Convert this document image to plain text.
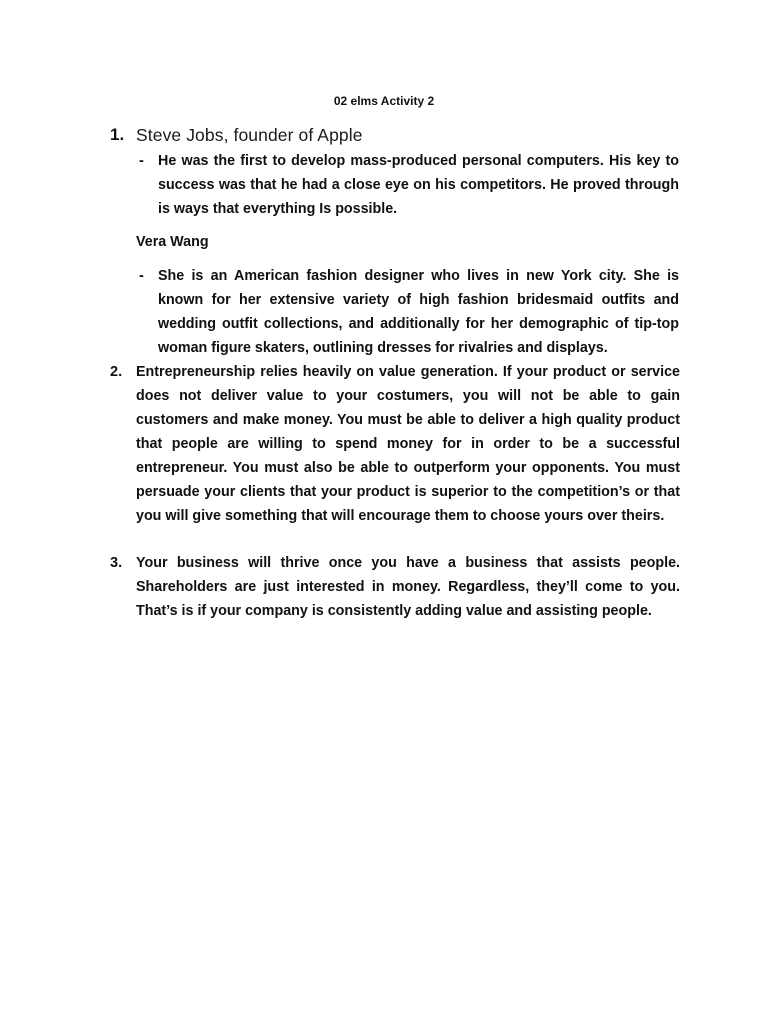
02 elms Activity 2
1. Steve Jobs, founder of Apple
- He was the first to develop mass-produced personal computers. His key to success was that he had a close eye on his competitors. He proved through is ways that everything Is possible.
Vera Wang
- She is an American fashion designer who lives in new York city. She is known for her extensive variety of high fashion bridesmaid outfits and wedding outfit collections, and additionally for her demographic of tip-top woman figure skaters, outlining dresses for rivalries and displays.
2. Entrepreneurship relies heavily on value generation. If your product or service does not deliver value to your costumers, you will not be able to gain customers and make money. You must be able to deliver a high quality product that people are willing to spend money for in order to be a successful entrepreneur. You must also be able to outperform your opponents. You must persuade your clients that your product is superior to the competition’s or that you will give something that will encourage them to choose yours over theirs.
3. Your business will thrive once you have a business that assists people. Shareholders are just interested in money. Regardless, they’ll come to you. That’s is if your company is consistently adding value and assisting people.
